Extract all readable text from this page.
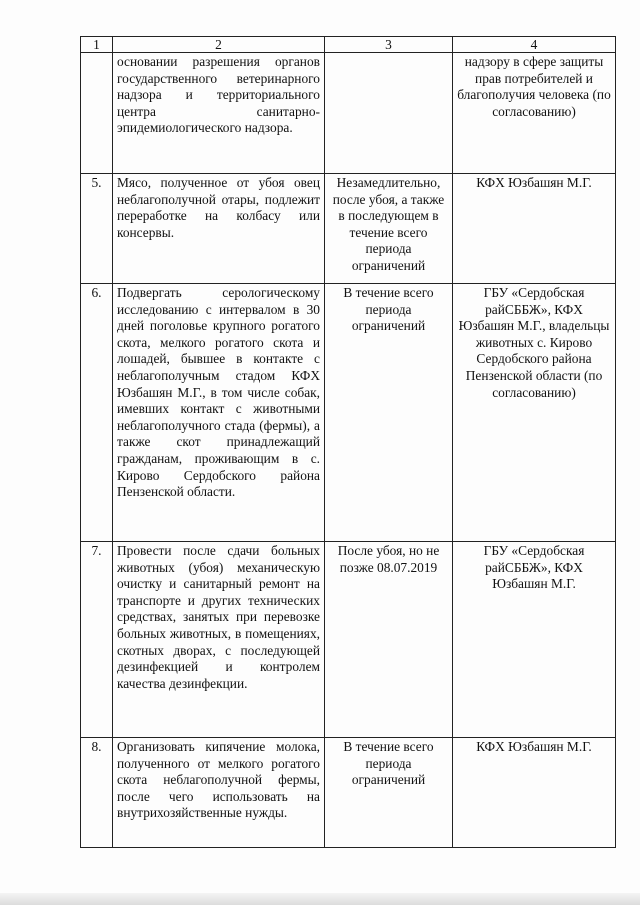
1	2	3	4
	основании разрешения органов государственного ветеринарного надзора и территориального центра санитарно-эпидемиологического надзора.		надзору в сфере защиты прав потребителей и благополучия человека (по согласованию)
5.	Мясо, полученное от убоя овец неблагополучной отары, подлежит переработке на колбасу или консервы.	Незамедлительно, после убоя, а также в последующем в течение всего периода ограничений	КФХ Юзбашян М.Г.
6.	Подвергать серологическому исследованию с интервалом в 30 дней поголовье крупного рогатого скота, мелкого рогатого скота и лошадей, бывшее в контакте с неблагополучным стадом КФХ Юзбашян М.Г., в том числе собак, имевших контакт с животными неблагополучного стада (фермы), а также скот принадлежащий гражданам, проживающим в с. Кирово Сердобского района Пензенской области.	В течение всего периода ограничений	ГБУ «Сердобская райСББЖ», КФХ Юзбашян М.Г., владельцы животных с. Кирово Сердобского района Пензенской области (по согласованию)
7.	Провести после сдачи больных животных (убоя) механическую очистку и санитарный ремонт на транспорте и других технических средствах, занятых при перевозке больных животных, в помещениях, скотных дворах, с последующей дезинфекцией и контролем качества дезинфекции.	После убоя, но не позже 08.07.2019	ГБУ «Сердобская райСББЖ», КФХ Юзбашян М.Г.
8.	Организовать кипячение молока, полученного от мелкого рогатого скота неблагополучной фермы, после чего использовать на внутрихозяйственные нужды.	В течение всего периода ограничений	КФХ Юзбашян М.Г.
